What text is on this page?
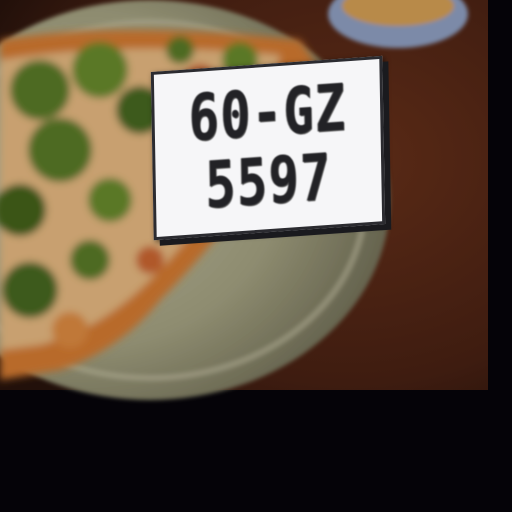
60-GZ
5597
